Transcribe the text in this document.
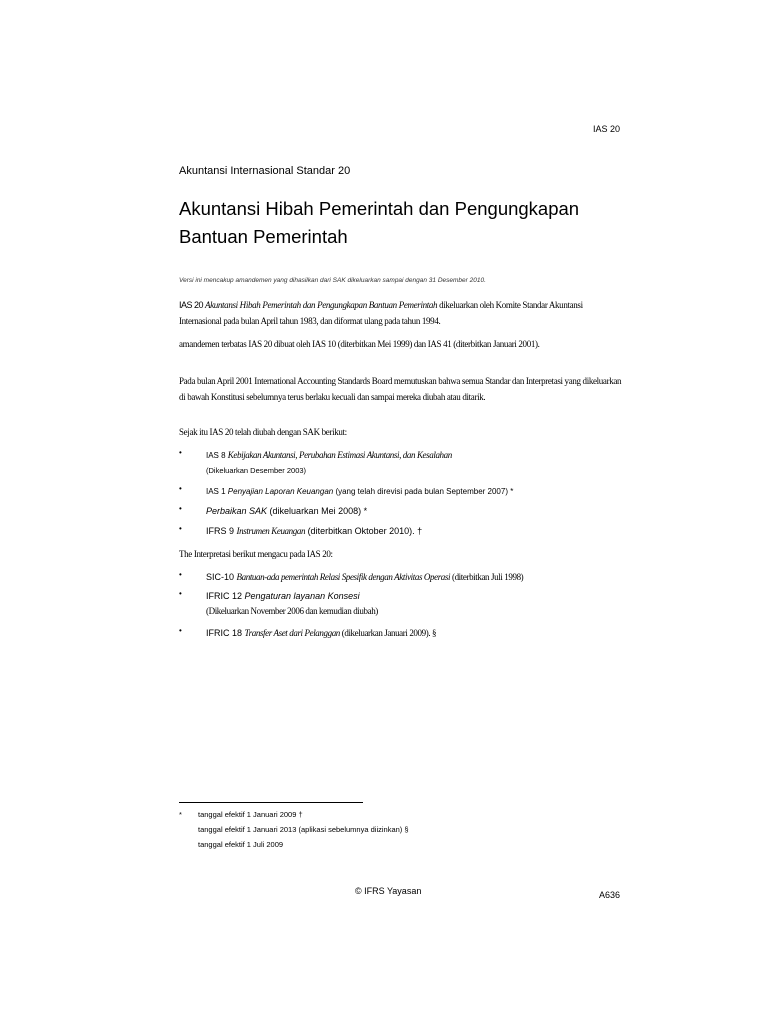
IAS 20
Akuntansi Internasional Standar 20
Akuntansi Hibah Pemerintah dan Pengungkapan Bantuan Pemerintah
Versi ini mencakup amandemen yang dihasilkan dari SAK dikeluarkan sampai dengan 31 Desember 2010.

IAS 20 Akuntansi Hibah Pemerintah dan Pengungkapan Bantuan Pemerintah dikeluarkan oleh Komite Standar Akuntansi Internasional pada bulan April tahun 1983, dan diformat ulang pada tahun 1994.

amandemen terbatas IAS 20 dibuat oleh IAS 10 (diterbitkan Mei 1999) dan IAS 41 (diterbitkan Januari 2001).

Pada bulan April 2001 International Accounting Standards Board memutuskan bahwa semua Standar dan Interpretasi yang dikeluarkan di bawah Konstitusi sebelumnya terus berlaku kecuali dan sampai mereka diubah atau ditarik.

Sejak itu IAS 20 telah diubah dengan SAK berikut:

•	IAS 8 Kebijakan Akuntansi, Perubahan Estimasi Akuntansi, dan Kesalahan
(Dikeluarkan Desember 2003)
•	IAS 1 Penyajian Laporan Keuangan (yang telah direvisi pada bulan September 2007) *
•	Perbaikan SAK (dikeluarkan Mei 2008) *
•	IFRS 9 Instrumen Keuangan (diterbitkan Oktober 2010). †

The Interpretasi berikut mengacu pada IAS 20:

•	SIC-10 Bantuan-ada pemerintah Relasi Spesifik dengan Aktivitas Operasi (diterbitkan Juli 1998)
•	IFRIC 12 Pengaturan layanan Konsesi
(Dikeluarkan November 2006 dan kemudian diubah)
•	IFRIC 18 Transfer Aset dari Pelanggan (dikeluarkan Januari 2009). §
* tanggal efektif 1 Januari 2009 †
tanggal efektif 1 Januari 2013 (aplikasi sebelumnya diizinkan) §
tanggal efektif 1 Juli 2009
© IFRS Yayasan	A636
